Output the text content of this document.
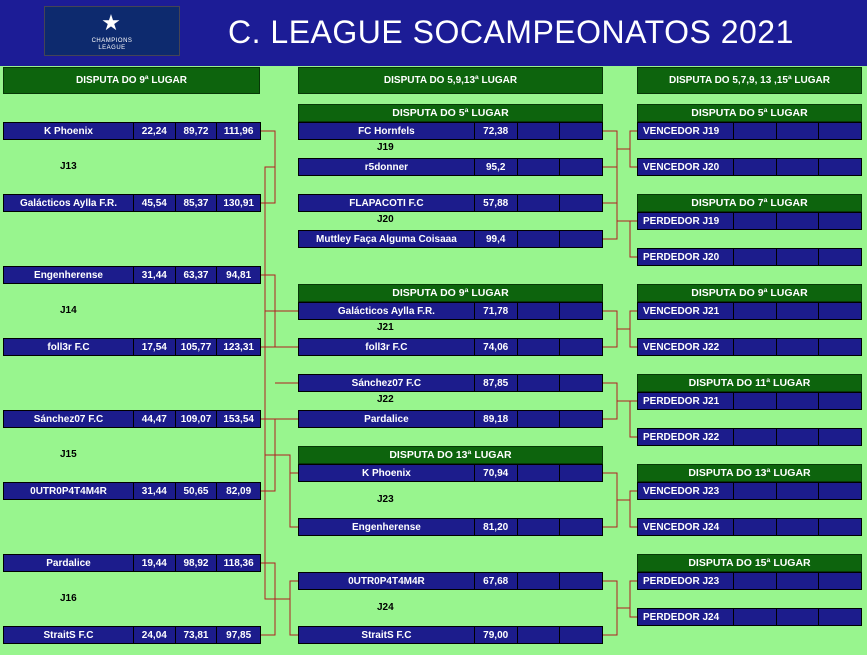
★
CHAMPIONS
LEAGUE	C. LEAGUE SOCAMPEONATOS 2021
DISPUTA DO 9ª LUGAR	DISPUTA DO 5,9,13ª LUGAR	DISPUTA DO 5,7,9, 13 ,15ª LUGAR
K Phoenix	22,24	89,72	111,96
J13
Galácticos Aylla F.R.	45,54	85,37	130,91
Engenherense	31,44	63,37	94,81
J14
foll3r F.C	17,54	105,77	123,31
Sánchez07 F.C	44,47	109,07	153,54
J15
0UTR0P4T4M4R	31,44	50,65	82,09
Pardalice	19,44	98,92	118,36
J16
StraitS F.C	24,04	73,81	97,85
DISPUTA DO 5ª LUGAR
FC Hornfels	72,38
J19
r5donner	95,2
FLAPACOTI F.C	57,88
J20
Muttley Faça Alguma Coisaaa	99,4
DISPUTA DO 9ª LUGAR
Galácticos Aylla F.R.	71,78
J21
foll3r F.C	74,06
Sánchez07 F.C	87,85
J22
Pardalice	89,18
DISPUTA DO 13ª LUGAR
K Phoenix	70,94
J23
Engenherense	81,20
0UTR0P4T4M4R	67,68
J24
StraitS F.C	79,00
DISPUTA DO 5ª LUGAR
VENCEDOR J19
VENCEDOR J20
DISPUTA DO 7ª LUGAR
PERDEDOR J19
PERDEDOR J20
DISPUTA DO 9ª LUGAR
VENCEDOR J21
VENCEDOR J22
DISPUTA DO 11ª LUGAR
PERDEDOR J21
PERDEDOR J22
DISPUTA DO 13ª LUGAR
VENCEDOR J23
VENCEDOR J24
DISPUTA DO 15ª LUGAR
PERDEDOR J23
PERDEDOR J24
